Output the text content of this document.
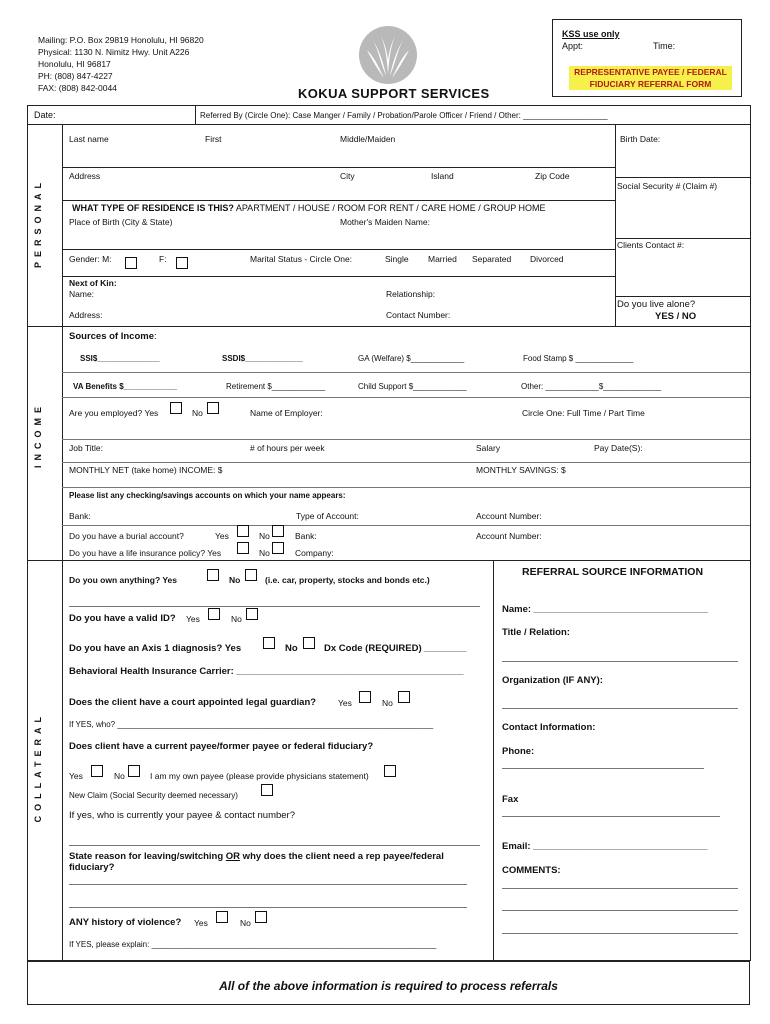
Mailing: P.O. Box 29819 Honolulu, HI 96820
Physical: 1130 N. Nimitz Hwy. Unit A226
Honolulu, HI 96817
PH: (808) 847-4227
FAX: (808) 842-0044	KOKUA SUPPORT SERVICES
KSS use only
Appt:	Time:
REPRESENTATIVE PAYEE / FEDERAL
FIDUCIARY REFERRAL FORM
Date:	Referred By (Circle One): Case Manger / Family / Probation/Parole Officer / Friend / Other: ___________________
PERSONAL
Last name	First	Middle/Maiden	Birth Date:
Address	City	Island	Zip Code
Social Security # (Claim #)
WHAT TYPE OF RESIDENCE IS THIS? APARTMENT / HOUSE / ROOM FOR RENT / CARE HOME / GROUP HOME
Place of Birth (City & State)	Mother's Maiden Name:
Clients Contact #:
Gender: M:	F:	Marital Status - Circle One:	Single Married Separated Divorced
Next of Kin:
Name:	Relationship:
Do you live alone?
YES / NO
Address:	Contact Number:
INCOME
Sources of Income:
SSI$______________	SSDI$_____________	GA (Welfare) $____________	Food Stamp $ _____________
VA Benefits $____________	Retirement $____________	Child Support $____________	Other: ____________$_____________
Are you employed? Yes	No	Name of Employer:	Circle One: Full Time / Part Time
Job Title:	# of hours per week	Salary	Pay Date(S):
MONTHLY NET (take home) INCOME: $	MONTHLY SAVINGS: $
Please list any checking/savings accounts on which your name appears:
Bank:	Type of Account:	Account Number:
Do you have a burial account?	Yes	No	Bank:	Account Number:
Do you have a life insurance policy? Yes	No	Company:
COLLATERAL
Do you own anything? Yes	No	(i.e. car, property, stocks and bonds etc.)
Do you have a valid ID? Yes	No
Do you have an Axis 1 diagnosis? Yes	No	Dx Code (REQUIRED) ________
Behavioral Health Insurance Carrier: ___________________________________________
Does the client have a court appointed legal guardian?	Yes	No
If YES, who? _______________________________________________________________________
Does client have a current payee/former payee or federal fiduciary?
Yes	No	I am my own payee (please provide physicians statement)
New Claim (Social Security deemed necessary)
If yes, who is currently your payee & contact number?
State reason for leaving/switching OR why does the client need a rep payee/federal
fiduciary?
ANY history of violence? Yes	No
If YES, please explain: ________________________________________________________________
REFERRAL SOURCE INFORMATION
Name: _________________________________
Title / Relation:
Organization (IF ANY):
Contact Information:
Phone:
Fax
Email: _________________________________
COMMENTS:
All of the above information is required to process referrals
